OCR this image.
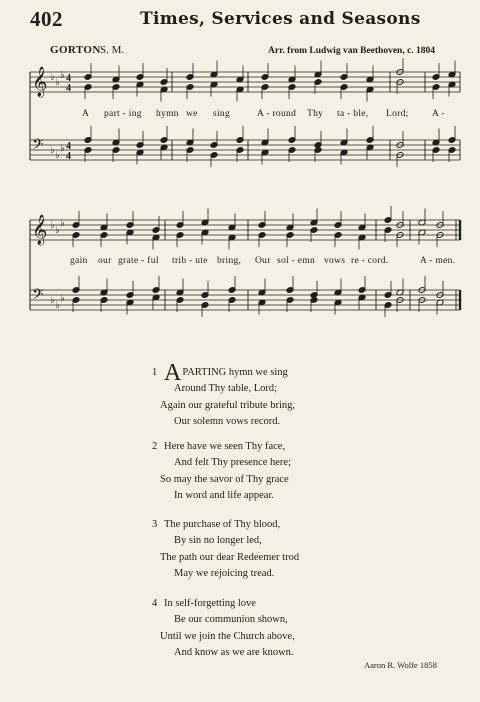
402	Times, Services and Seasons
GORTON S. M.	Arr. from Ludwig van Beethoven, c. 1804
𝄞
𝄢
♭ ♭
♭
♭ ♭
♭
4
4
4
4
𝄞
𝄢
♭ ♭
♭
♭ ♭
♭
A part - ing hymn we sing	A - round Thy ta - ble, Lord; A -
gain our grate - ful trib - ute bring, Our sol - emn vows re - cord.	A - men.
1 APARTING hymn we sing
Around Thy table, Lord;
Again our grateful tribute bring,
Our solemn vows record.
2 Here have we seen Thy face,
And felt Thy presence here;
So may the savor of Thy grace
In word and life appear.
3 The purchase of Thy blood,
By sin no longer led,
The path our dear Redeemer trod
May we rejoicing tread.
4 In self-forgetting love
Be our communion shown,
Until we join the Church above,
And know as we are known.
Aaron R. Wolfe 1858
